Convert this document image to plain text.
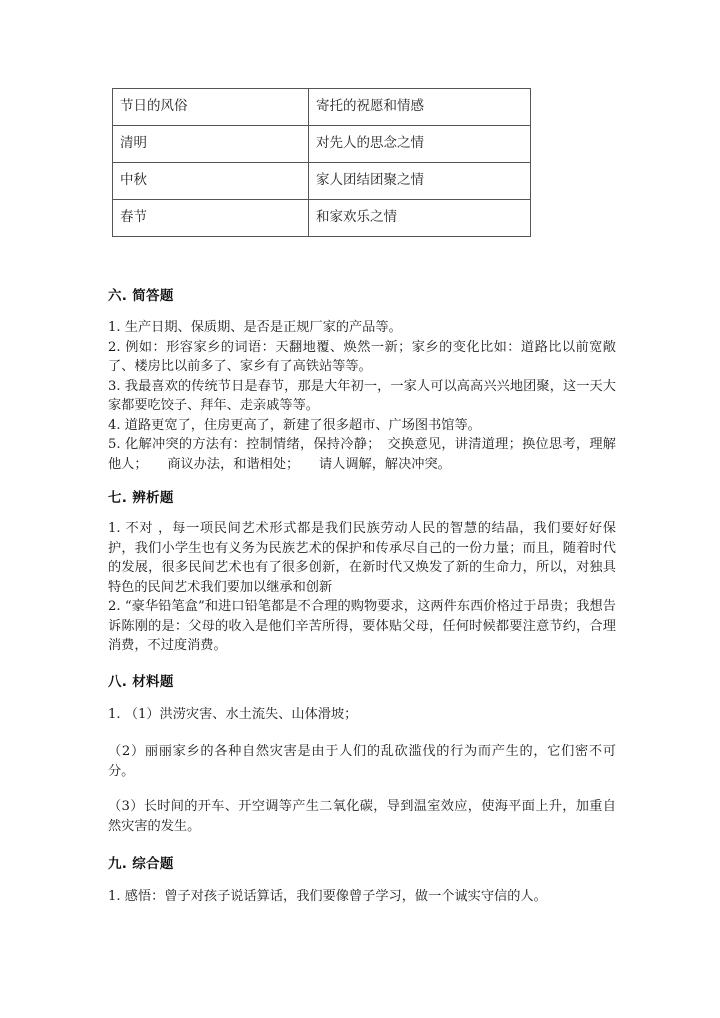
节日的风俗	寄托的祝愿和情感
清明	对先人的思念之情
中秋	家人团结团聚之情
春节	和家欢乐之情

六. 简答题

1. 生产日期、保质期、是否是正规厂家的产品等。

2. 例如：形容家乡的词语：天翻地覆、焕然一新；家乡的变化比如：道路比以前宽敞了、楼房比以前多了、家乡有了高铁站等等。

3. 我最喜欢的传统节日是春节，那是大年初一，一家人可以高高兴兴地团聚，这一天大家都要吃饺子、拜年、走亲戚等等。

4. 道路更宽了，住房更高了，新建了很多超市、广场图书馆等。

5. 化解冲突的方法有：控制情绪，保持冷静；　交换意见，讲清道理；换位思考，理解他人；　　商议办法，和谐相处；　　请人调解，解决冲突。

七. 辨析题

1. 不对 ，每一项民间艺术形式都是我们民族劳动人民的智慧的结晶，我们要好好保护，我们小学生也有义务为民族艺术的保护和传承尽自己的一份力量；而且，随着时代的发展，很多民间艺术也有了很多创新，在新时代又焕发了新的生命力，所以，对独具特色的民间艺术我们要加以继承和创新

2. “豪华铅笔盒”和进口铅笔都是不合理的购物要求，这两件东西价格过于昂贵；我想告诉陈刚的是：父母的收入是他们辛苦所得，要体贴父母，任何时候都要注意节约，合理消费，不过度消费。

八. 材料题

1. （1）洪涝灾害、水土流失、山体滑坡；

（2）丽丽家乡的各种自然灾害是由于人们的乱砍滥伐的行为而产生的，它们密不可分。

（3）长时间的开车、开空调等产生二氧化碳，导到温室效应，使海平面上升，加重自然灾害的发生。

九. 综合题

1. 感悟：曾子对孩子说话算话，我们要像曾子学习，做一个诚实守信的人。
